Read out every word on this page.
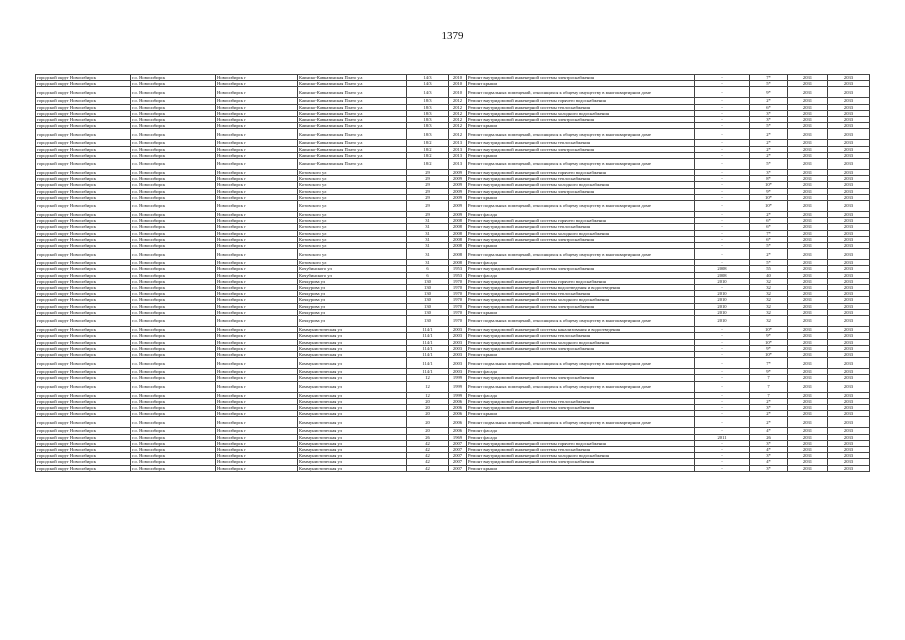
1379
городской округ Новосибирск	г.о. Новосибирск	Новосибирск г	Каинско-Кавказинская Плато у.а	14/3	2010	Ремонт внутридомовой инженерной системы электроснабжения	-	7*	2031	2033
городской округ Новосибирск	г.о. Новосибирск	Новосибирск г	Каинско-Кавказинская Плато у.а	14/3	2010	Ремонт крыши	-	5*	2031	2033
городской округ Новосибирск	г.о. Новосибирск	Новосибирск г	Каинско-Кавказинская Плато у.а	14/3	2010	Ремонт подвальных помещений, относящихся к общему имуществу в многоквартирном доме	-	9*	2031	2033
городской округ Новосибирск	г.о. Новосибирск	Новосибирск г	Каинско-Кавказинская Плато у.а	18/3	2012	Ремонт внутридомовой инженерной системы горячего водоснабжения	-	2*	2031	2033
городской округ Новосибирск	г.о. Новосибирск	Новосибирск г	Каинско-Кавказинская Плато у.а	18/3	2012	Ремонт внутридомовой инженерной системы теплоснабжения	-	6*	2031	2033
городской округ Новосибирск	г.о. Новосибирск	Новосибирск г	Каинско-Кавказинская Плато у.а	18/3	2012	Ремонт внутридомовой инженерной системы холодного водоснабжения	-	3*	2031	2033
городской округ Новосибирск	г.о. Новосибирск	Новосибирск г	Каинско-Кавказинская Плато у.а	18/3	2012	Ремонт внутридомовой инженерной системы электроснабжения	-	3*	2031	2033
городской округ Новосибирск	г.о. Новосибирск	Новосибирск г	Каинско-Кавказинская Плато у.а	18/3	2012	Ремонт крыши	-	5*	2031	2033
городской округ Новосибирск	г.о. Новосибирск	Новосибирск г	Каинско-Кавказинская Плато у.а	18/3	2012	Ремонт подвальных помещений, относящихся к общему имуществу в многоквартирном доме	-	2*	2031	2033
городской округ Новосибирск	г.о. Новосибирск	Новосибирск г	Каинско-Кавказинская Плато у.а	18/2	2013	Ремонт внутридомовой инженерной системы теплоснабжения	-	2*	2031	2033
городской округ Новосибирск	г.о. Новосибирск	Новосибирск г	Каинско-Кавказинская Плато у.а	18/2	2013	Ремонт внутридомовой инженерной системы электроснабжения	-	2*	2031	2033
городской округ Новосибирск	г.о. Новосибирск	Новосибирск г	Каинско-Кавказинская Плато у.а	18/2	2013	Ремонт крыши	-	2*	2031	2033
городской округ Новосибирск	г.о. Новосибирск	Новосибирск г	Каинско-Кавказинская Плато у.а	18/2	2013	Ремонт подвальных помещений, относящихся к общему имуществу в многоквартирном доме	-	5*	2031	2033
городской округ Новосибирск	г.о. Новосибирск	Новосибирск г	Котовского ул	29	2009	Ремонт внутридомовой инженерной системы горячего водоснабжения	-	3*	2031	2033
городской округ Новосибирск	г.о. Новосибирск	Новосибирск г	Котовского ул	29	2009	Ремонт внутридомовой инженерной системы теплоснабжения	-	8*	2031	2033
городской округ Новосибирск	г.о. Новосибирск	Новосибирск г	Котовского ул	29	2009	Ремонт внутридомовой инженерной системы холодного водоснабжения	-	10*	2031	2033
городской округ Новосибирск	г.о. Новосибирск	Новосибирск г	Котовского ул	29	2009	Ремонт внутридомовой инженерной системы электроснабжения	-	9*	2031	2033
городской округ Новосибирск	г.о. Новосибирск	Новосибирск г	Котовского ул	29	2009	Ремонт крыши	-	10*	2031	2033
городской округ Новосибирск	г.о. Новосибирск	Новосибирск г	Котовского ул	29	2009	Ремонт подвальных помещений, относящихся к общему имуществу в многоквартирном доме	-	10*	2031	2033
городской округ Новосибирск	г.о. Новосибирск	Новосибирск г	Котовского ул	29	2009	Ремонт фасада	-	2*	2031	2033
городской округ Новосибирск	г.о. Новосибирск	Новосибирск г	Котовского ул	31	2008	Ремонт внутридомовой инженерной системы горячего водоснабжения	-	6*	2031	2033
городской округ Новосибирск	г.о. Новосибирск	Новосибирск г	Котовского ул	31	2008	Ремонт внутридомовой инженерной системы теплоснабжения	-	6*	2031	2033
городской округ Новосибирск	г.о. Новосибирск	Новосибирск г	Котовского ул	31	2008	Ремонт внутридомовой инженерной системы холодного водоснабжения	-	7*	2031	2033
городской округ Новосибирск	г.о. Новосибирск	Новосибирск г	Котовского ул	31	2008	Ремонт внутридомовой инженерной системы электроснабжения	-	6*	2031	2033
городской округ Новосибирск	г.о. Новосибирск	Новосибирск г	Котовского ул	31	2008	Ремонт крыши	-	5*	2031	2033
городской округ Новосибирск	г.о. Новосибирск	Новосибирск г	Котовского ул	31	2008	Ремонт подвальных помещений, относящихся к общему имуществу в многоквартирном доме	-	2*	2031	2033
городской округ Новосибирск	г.о. Новосибирск	Новосибирск г	Котовского ул	31	2008	Ремонт фасада	-	5*	2031	2033
городской округ Новосибирск	г.о. Новосибирск	Новосибирск г	Кочубинского ул	6	1953	Ремонт внутридомовой инженерной системы электроснабжения	2008	55	2031	2033
городской округ Новосибирск	г.о. Новосибирск	Новосибирск г	Кочубинского ул	6	1953	Ремонт фасада	2008	40	2031	2033
городской округ Новосибирск	г.о. Новосибирск	Новосибирск г	Кочкурова ул	130	1970	Ремонт внутридомовой инженерной системы горячего водоснабжения	2010	32	2031	2033
городской округ Новосибирск	г.о. Новосибирск	Новосибирск г	Кочкурова ул	130	1970	Ремонт внутридомовой инженерной системы водоотведения и водоотведения	-	32	2031	2033
городской округ Новосибирск	г.о. Новосибирск	Новосибирск г	Кочкурова ул	130	1970	Ремонт внутридомовой инженерной системы теплоснабжения	2010	32	2031	2033
городской округ Новосибирск	г.о. Новосибирск	Новосибирск г	Кочкурова ул	130	1970	Ремонт внутридомовой инженерной системы холодного водоснабжения	2010	32	2031	2033
городской округ Новосибирск	г.о. Новосибирск	Новосибирск г	Кочкурова ул	130	1970	Ремонт внутридомовой инженерной системы электроснабжения	2010	32	2031	2033
городской округ Новосибирск	г.о. Новосибирск	Новосибирск г	Кочкурова ул	130	1970	Ремонт крыши	2010	32	2031	2033
городской округ Новосибирск	г.о. Новосибирск	Новосибирск г	Кочкурова ул	130	1970	Ремонт подвальных помещений, относящихся к общему имуществу в многоквартирном доме	2010	32	2031	2033
городской округ Новосибирск	г.о. Новосибирск	Новосибирск г	Коммунистическая ул	114/1	2003	Ремонт внутридомовой инженерной системы канализования и водоотведения	-	10*	2031	2033
городской округ Новосибирск	г.о. Новосибирск	Новосибирск г	Коммунистическая ул	114/1	2003	Ремонт внутридомовой инженерной системы теплоснабжения	-	9*	2031	2033
городской округ Новосибирск	г.о. Новосибирск	Новосибирск г	Коммунистическая ул	114/1	2003	Ремонт внутридомовой инженерной системы холодного водоснабжения	-	10*	2031	2033
городской округ Новосибирск	г.о. Новосибирск	Новосибирск г	Коммунистическая ул	114/1	2003	Ремонт внутридомовой инженерной системы электроснабжения	-	9*	2031	2033
городской округ Новосибирск	г.о. Новосибирск	Новосибирск г	Коммунистическая ул	114/1	2003	Ремонт крыши	-	10*	2031	2033
городской округ Новосибирск	г.о. Новосибирск	Новосибирск г	Коммунистическая ул	114/1	2003	Ремонт подвальных помещений, относящихся к общему имуществу в многоквартирном доме	-	7*	2031	2033
городской округ Новосибирск	г.о. Новосибирск	Новосибирск г	Коммунистическая ул	114/1	2003	Ремонт фасада	-	9*	2031	2033
городской округ Новосибирск	г.о. Новосибирск	Новосибирск г	Коммунистическая ул	12	1999	Ремонт внутридомовой инженерной системы электроснабжения	-	7	2031	2033
городской округ Новосибирск	г.о. Новосибирск	Новосибирск г	Коммунистическая ул	12	1999	Ремонт подвальных помещений, относящихся к общему имуществу в многоквартирном доме	-	7	2031	2033
городской округ Новосибирск	г.о. Новосибирск	Новосибирск г	Коммунистическая ул	12	1999	Ремонт фасада	-	7	2031	2033
городской округ Новосибирск	г.о. Новосибирск	Новосибирск г	Коммунистическая ул	20	2006	Ремонт внутридомовой инженерной системы теплоснабжения	-	2*	2031	2033
городской округ Новосибирск	г.о. Новосибирск	Новосибирск г	Коммунистическая ул	20	2006	Ремонт внутридомовой инженерной системы электроснабжения	-	3*	2031	2033
городской округ Новосибирск	г.о. Новосибирск	Новосибирск г	Коммунистическая ул	20	2006	Ремонт крыши	-	2*	2031	2033
городской округ Новосибирск	г.о. Новосибирск	Новосибирск г	Коммунистическая ул	20	2006	Ремонт подвальных помещений, относящихся к общему имуществу в многоквартирном доме	-	2*	2031	2033
городской округ Новосибирск	г.о. Новосибирск	Новосибирск г	Коммунистическая ул	20	2006	Ремонт фасада	-	4*	2031	2033
городской округ Новосибирск	г.о. Новосибирск	Новосибирск г	Коммунистическая ул	26	1969	Ремонт фасада	2011	26	2031	2033
городской округ Новосибирск	г.о. Новосибирск	Новосибирск г	Коммунистическая ул	42	2007	Ремонт внутридомовой инженерной системы горячего водоснабжения	-	3*	2031	2033
городской округ Новосибирск	г.о. Новосибирск	Новосибирск г	Коммунистическая ул	42	2007	Ремонт внутридомовой инженерной системы теплоснабжения	-	4*	2031	2033
городской округ Новосибирск	г.о. Новосибирск	Новосибирск г	Коммунистическая ул	42	2007	Ремонт внутридомовой инженерной системы холодного водоснабжения	-	3*	2031	2033
городской округ Новосибирск	г.о. Новосибирск	Новосибирск г	Коммунистическая ул	42	2007	Ремонт внутридомовой инженерной системы электроснабжения	-	4*	2031	2033
городской округ Новосибирск	г.о. Новосибирск	Новосибирск г	Коммунистическая ул	42	2007	Ремонт крыши	-	3*	2031	2033
